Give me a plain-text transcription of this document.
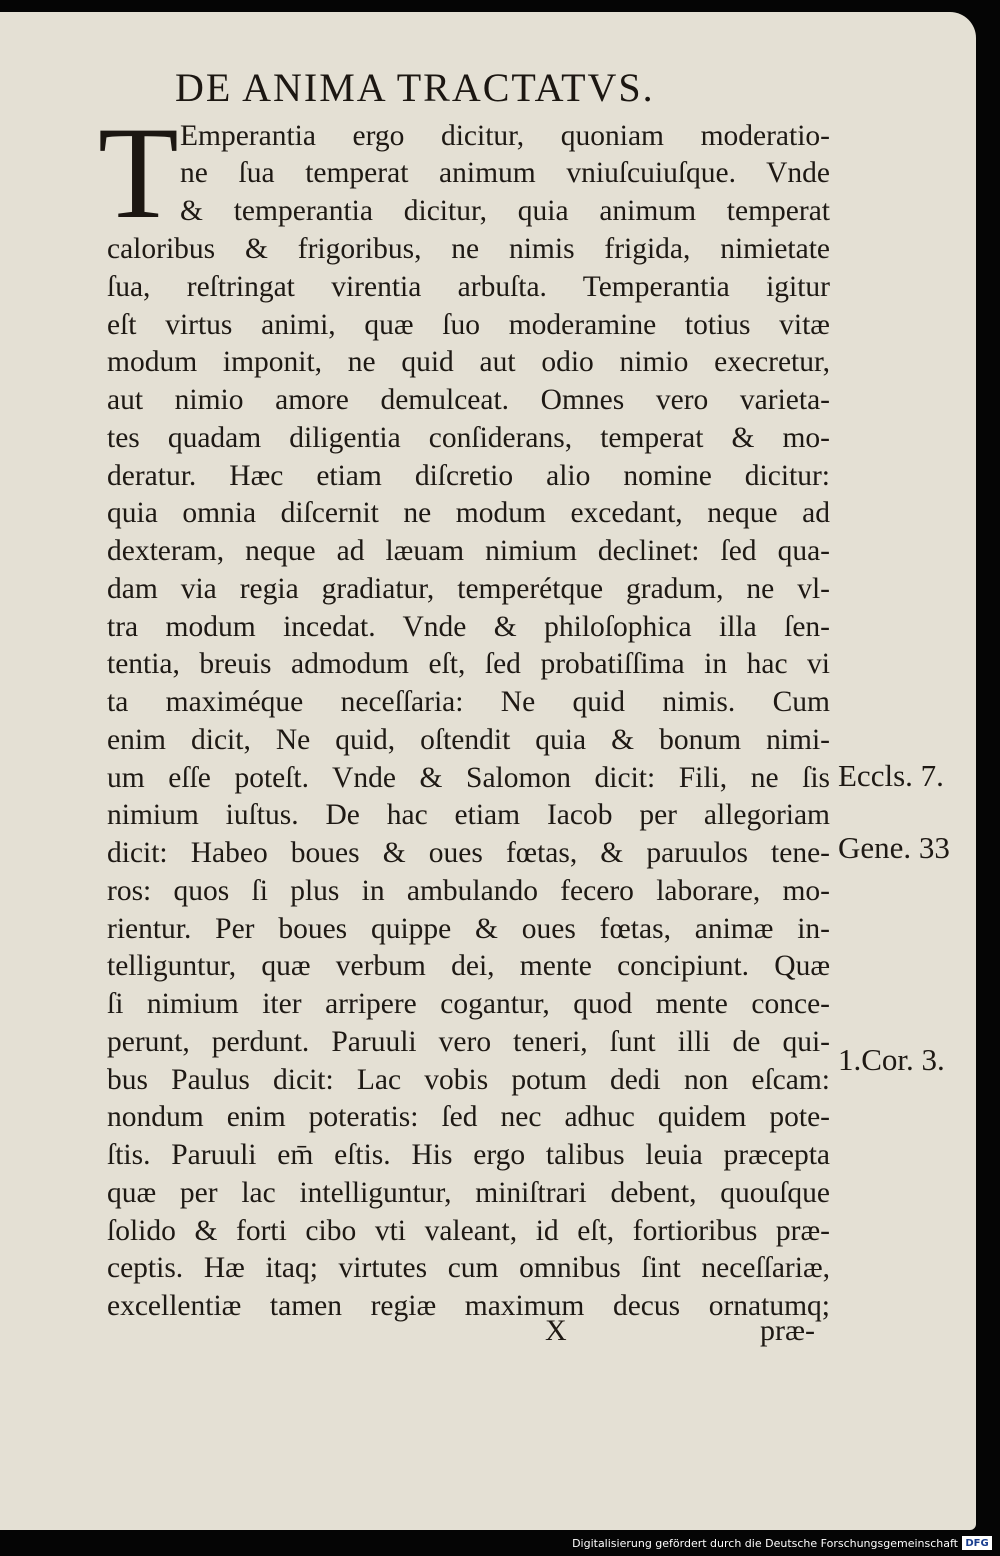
DE ANIMA TRACTATVS.
T Emperantia ergo dicitur, quoniam moderatio-
ne ſua temperat animum vniuſcuiuſque. Vnde
& temperantia dicitur, quia animum temperat
caloribus & frigoribus, ne nimis frigida, nimietate
ſua, reſtringat virentia arbuſta. Temperantia igitur
eſt virtus animi, quæ ſuo moderamine totius vitæ
modum imponit, ne quid aut odio nimio execretur,
aut nimio amore demulceat. Omnes vero varieta-
tes quadam diligentia conſiderans, temperat & mo-
deratur. Hæc etiam diſcretio alio nomine dicitur:
quia omnia diſcernit ne modum excedant, neque ad
dexteram, neque ad læuam nimium declinet: ſed qua-
dam via regia gradiatur, temperétque gradum, ne vl-
tra modum incedat. Vnde & philoſophica illa ſen-
tentia, breuis admodum eſt, ſed probatiſſima in hac vi
ta maximéque neceſſaria: Ne quid nimis. Cum
enim dicit, Ne quid, oſtendit quia & bonum nimi-
um eſſe poteſt. Vnde & Salomon dicit: Fili, ne ſis
nimium iuſtus. De hac etiam Iacob per allegoriam
dicit: Habeo boues & oues fœtas, & paruulos tene-
ros: quos ſi plus in ambulando fecero laborare, mo-
rientur. Per boues quippe & oues fœtas, animæ in-
telliguntur, quæ verbum dei, mente concipiunt. Quæ
ſi nimium iter arripere cogantur, quod mente conce-
perunt, perdunt. Paruuli vero teneri, ſunt illi de qui-
bus Paulus dicit: Lac vobis potum dedi non eſcam:
nondum enim poteratis: ſed nec adhuc quidem pote-
ſtis. Paruuli em̄ eſtis. His ergo talibus leuia præcepta
quæ per lac intelliguntur, miniſtrari debent, quouſque
ſolido & forti cibo vti valeant, id eſt, fortioribus præ-
ceptis. Hæ itaq; virtutes cum omnibus ſint neceſſariæ,
excellentiæ tamen regiæ maximum decus ornatumq;
Eccls. 7.
Gene. 33
1.Cor. 3.
X	præ-
Digitalisierung gefördert durch die Deutsche Forschungsgemeinschaft DFG
